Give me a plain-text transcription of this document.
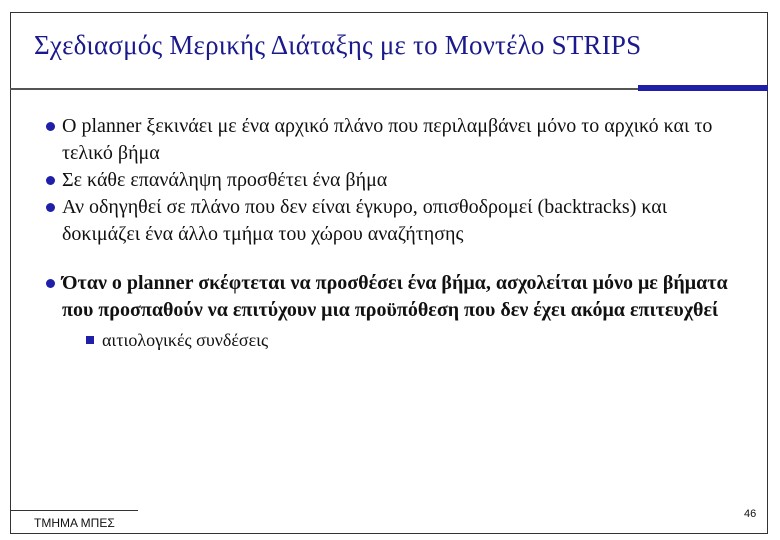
Σχεδιασμός Μερικής Διάταξης με το Μοντέλο STRIPS
O planner ξεκινάει με ένα αρχικό πλάνο που περιλαμβάνει μόνο το αρχικό και το τελικό βήμα
Σε κάθε επανάληψη προσθέτει ένα βήμα
Αν οδηγηθεί σε πλάνο που δεν είναι έγκυρο, οπισθοδρομεί (backtracks) και δοκιμάζει ένα άλλο τμήμα του χώρου αναζήτησης
Όταν ο planner σκέφτεται να προσθέσει ένα βήμα, ασχολείται μόνο με βήματα που προσπαθούν να επιτύχουν μια προϋπόθεση που δεν έχει ακόμα επιτευχθεί
αιτιολογικές συνδέσεις
ΤΜΗΜΑ ΜΠΕΣ
46
